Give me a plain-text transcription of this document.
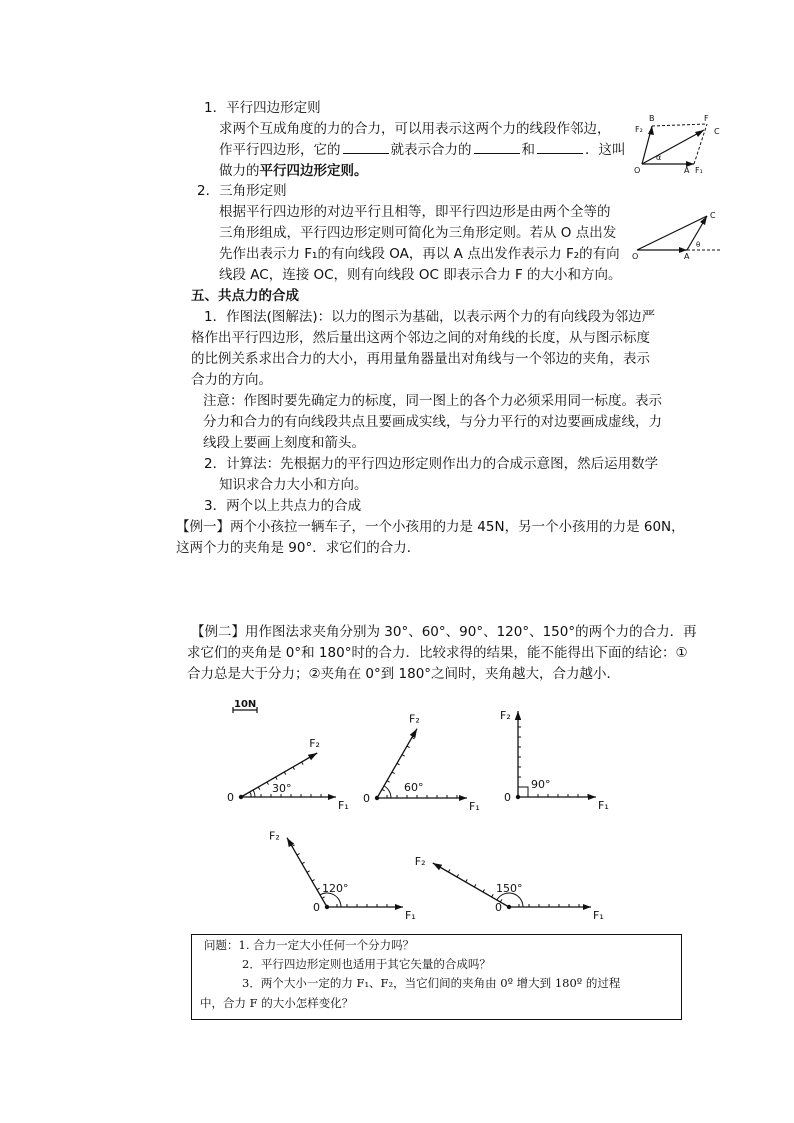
1．平行四边形定则
求两个互成角度的力的合力，可以用表示这两个力的线段作邻边，
作平行四边形，它的	就表示合力的	和	．这叫
做力的平行四边形定则。
B	F
C
F₂
O	A F₁
α
2．三角形定则
根据平行四边形的对边平行且相等，即平行四边形是由两个全等的
三角形组成，平行四边形定则可简化为三角形定则。若从 O 点出发
先作出表示力 F₁的有向线段 OA，再以 A 点出发作表示力 F₂的有向
线段 AC，连接 OC，则有向线段 OC 即表示合力 F 的大小和方向。
C
O	A
θ
五、共点力的合成
1．作图法(图解法)：以力的图示为基础，以表示两个力的有向线段为邻边严
格作出平行四边形，然后量出这两个邻边之间的对角线的长度，从与图示标度
的比例关系求出合力的大小，再用量角器量出对角线与一个邻边的夹角，表示
合力的方向。
注意：作图时要先确定力的标度，同一图上的各个力必须采用同一标度。表示
分力和合力的有向线段共点且要画成实线，与分力平行的对边要画成虚线，力
线段上要画上刻度和箭头。
2．计算法：先根据力的平行四边形定则作出力的合成示意图，然后运用数学
知识求合力大小和方向。
3．两个以上共点力的合成
【例一】两个小孩拉一辆车子，一个小孩用的力是 45N，另一个小孩用的力是 60N，
这两个力的夹角是 90°．求它们的合力．
【例二】用作图法求夹角分别为 30°、60°、90°、120°、150°的两个力的合力．再
求它们的夹角是 0°和 180°时的合力．比较求得的结果，能不能得出下面的结论：①
合力总是大于分力；②夹角在 0°到 180°之间时，夹角越大，合力越小．
10N
30°
0
F₁
F₂
60°
0
F₁
F₂
90°
0
F₁
F₂
120°
0
F₁
F₂
150°
0
F₁
F₂
问题：1. 合力一定大小任何一个分力吗？
2．平行四边形定则也适用于其它矢量的合成吗？
3．两个大小一定的力 F₁、F₂，当它们间的夹角由 0º 增大到 180º 的过程
中，合力 F 的大小怎样变化？
